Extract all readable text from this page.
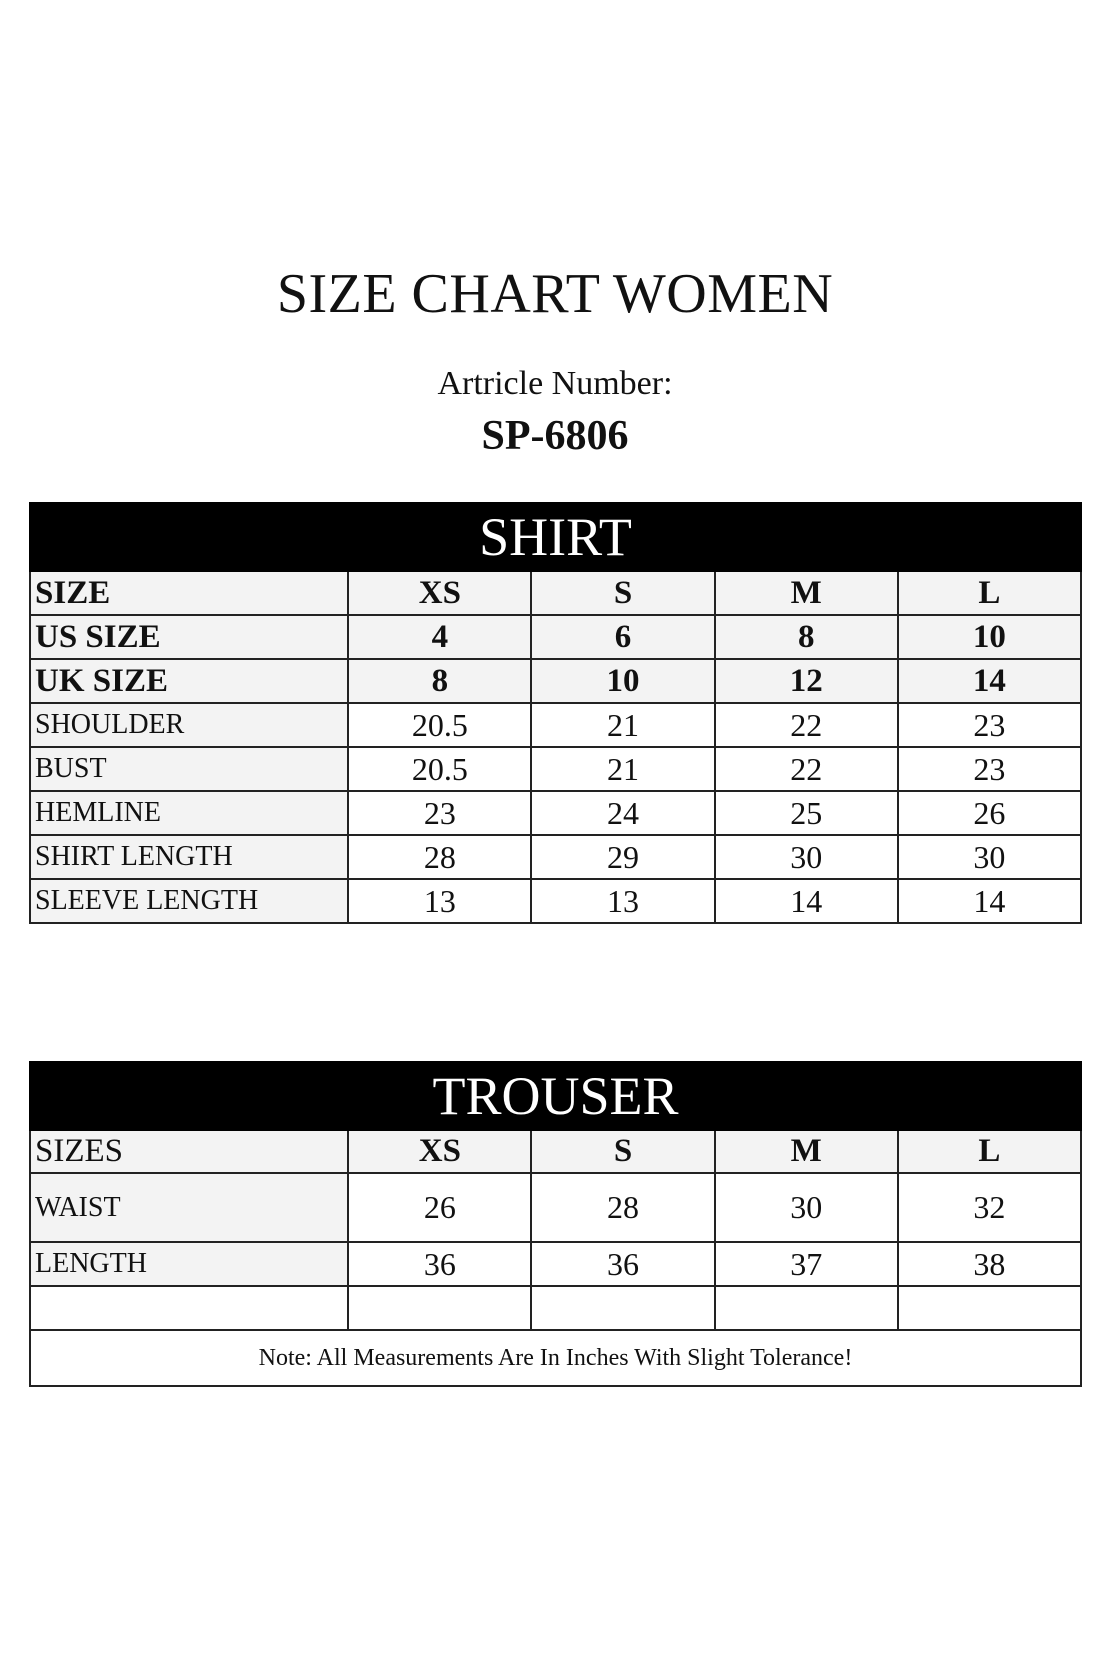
SIZE CHART WOMEN
Artricle Number:
SP-6806
SHIRT				
SIZE	XS	S	M	L
US SIZE	4	6	8	10
UK SIZE	8	10	12	14
SHOULDER	20.5	21	22	23
BUST	20.5	21	22	23
HEMLINE	23	24	25	26
SHIRT LENGTH	28	29	30	30
SLEEVE LENGTH	13	13	14	14
TROUSER				
SIZES	XS	S	M	L
WAIST	26	28	30	32
LENGTH	36	36	37	38

Note: All Measurements Are In Inches With Slight Tolerance!				
